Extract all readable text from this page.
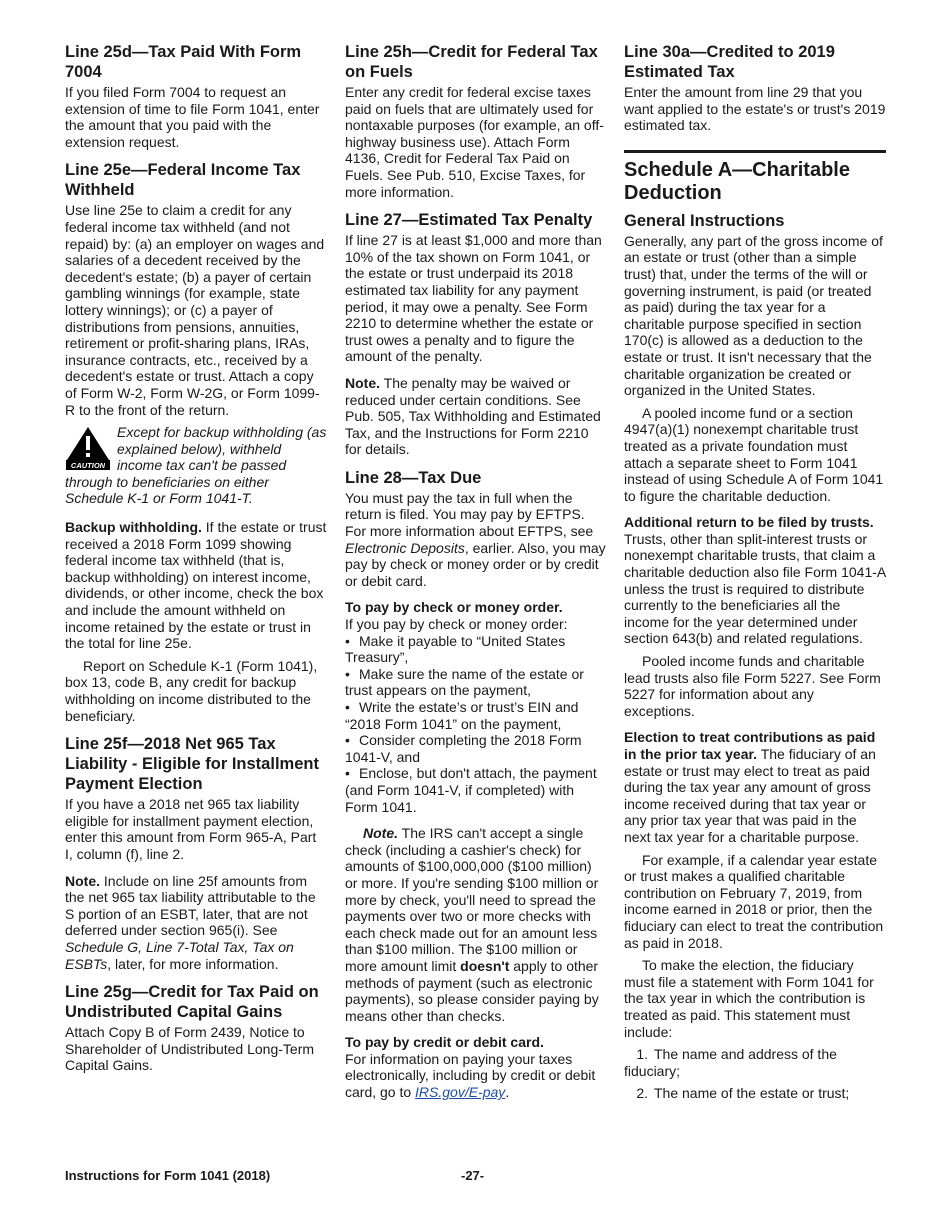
Line 25d—Tax Paid With Form 7004

If you filed Form 7004 to request an extension of time to file Form 1041, enter the amount that you paid with the extension request.

Line 25e—Federal Income Tax Withheld

Use line 25e to claim a credit for any federal income tax withheld (and not repaid) by: (a) an employer on wages and salaries of a decedent received by the decedent's estate; (b) a payer of certain gambling winnings (for example, state lottery winnings); or (c) a payer of distributions from pensions, annuities, retirement or profit-sharing plans, IRAs, insurance contracts, etc., received by a decedent's estate or trust. Attach a copy of Form W-2, Form W-2G, or Form 1099-R to the front of the return.

CAUTION
Except for backup withholding (as explained below), withheld income tax can't be passed through to beneficiaries on either Schedule K-1 or Form 1041-T.

Backup withholding. If the estate or trust received a 2018 Form 1099 showing federal income tax withheld (that is, backup withholding) on interest income, dividends, or other income, check the box and include the amount withheld on income retained by the estate or trust in the total for line 25e.

Report on Schedule K-1 (Form 1041), box 13, code B, any credit for backup withholding on income distributed to the beneficiary.

Line 25f—2018 Net 965 Tax Liability - Eligible for Installment Payment Election

If you have a 2018 net 965 tax liability eligible for installment payment election, enter this amount from Form 965-A, Part I, column (f), line 2.

Note. Include on line 25f amounts from the net 965 tax liability attributable to the S portion of an ESBT, later, that are not deferred under section 965(i). See Schedule G, Line 7-Total Tax, Tax on ESBTs, later, for more information.

Line 25g—Credit for Tax Paid on Undistributed Capital Gains

Attach Copy B of Form 2439, Notice to Shareholder of Undistributed Long-Term Capital Gains.

Line 25h—Credit for Federal Tax on Fuels

Enter any credit for federal excise taxes paid on fuels that are ultimately used for nontaxable purposes (for example, an off-highway business use). Attach Form 4136, Credit for Federal Tax Paid on Fuels. See Pub. 510, Excise Taxes, for more information.

Line 27—Estimated Tax Penalty

If line 27 is at least $1,000 and more than 10% of the tax shown on Form 1041, or the estate or trust underpaid its 2018 estimated tax liability for any payment period, it may owe a penalty. See Form 2210 to determine whether the estate or trust owes a penalty and to figure the amount of the penalty.

Note. The penalty may be waived or reduced under certain conditions. See Pub. 505, Tax Withholding and Estimated Tax, and the Instructions for Form 2210 for details.

Line 28—Tax Due

You must pay the tax in full when the return is filed. You may pay by EFTPS. For more information about EFTPS, see Electronic Deposits, earlier. Also, you may pay by check or money order or by credit or debit card.

To pay by check or money order.

If you pay by check or money order:

• Make it payable to “United States Treasury”,

• Make sure the name of the estate or trust appears on the payment,

• Write the estate’s or trust’s EIN and “2018 Form 1041” on the payment,

• Consider completing the 2018 Form 1041-V, and

• Enclose, but don't attach, the payment (and Form 1041-V, if completed) with Form 1041.

Note. The IRS can't accept a single check (including a cashier's check) for amounts of $100,000,000 ($100 million) or more. If you're sending $100 million or more by check, you'll need to spread the payments over two or more checks with each check made out for an amount less than $100 million. The $100 million or more amount limit doesn't apply to other methods of payment (such as electronic payments), so please consider paying by means other than checks.

To pay by credit or debit card.

For information on paying your taxes electronically, including by credit or debit card, go to IRS.gov/E-pay.

Line 30a—Credited to 2019 Estimated Tax

Enter the amount from line 29 that you want applied to the estate's or trust's 2019 estimated tax.

Schedule A—Charitable Deduction
General Instructions

Generally, any part of the gross income of an estate or trust (other than a simple trust) that, under the terms of the will or governing instrument, is paid (or treated as paid) during the tax year for a charitable purpose specified in section 170(c) is allowed as a deduction to the estate or trust. It isn't necessary that the charitable organization be created or organized in the United States.

A pooled income fund or a section 4947(a)(1) nonexempt charitable trust treated as a private foundation must attach a separate sheet to Form 1041 instead of using Schedule A of Form 1041 to figure the charitable deduction.

Additional return to be filed by trusts. Trusts, other than split-interest trusts or nonexempt charitable trusts, that claim a charitable deduction also file Form 1041-A unless the trust is required to distribute currently to the beneficiaries all the income for the year determined under section 643(b) and related regulations.

Pooled income funds and charitable lead trusts also file Form 5227. See Form 5227 for information about any exceptions.

Election to treat contributions as paid in the prior tax year. The fiduciary of an estate or trust may elect to treat as paid during the tax year any amount of gross income received during that tax year or any prior tax year that was paid in the next tax year for a charitable purpose.

For example, if a calendar year estate or trust makes a qualified charitable contribution on February 7, 2019, from income earned in 2018 or prior, then the fiduciary can elect to treat the contribution as paid in 2018.

To make the election, the fiduciary must file a statement with Form 1041 for the tax year in which the contribution is treated as paid. This statement must include:

1. The name and address of the fiduciary;

2. The name of the estate or trust;

Instructions for Form 1041 (2018)	-27-
